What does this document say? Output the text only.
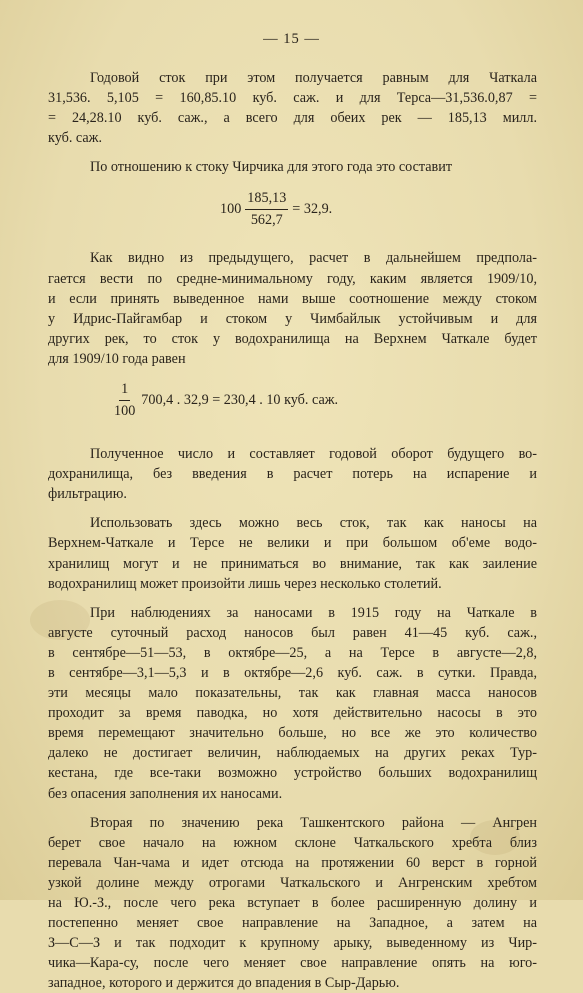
— 15 —

Годовой сток при этом получается равным для Чаткала
31,536. 5,105 = 160,85.10 куб. саж. и для Терса—31,536.0,87 =
= 24,28.10 куб. саж., а всего для обеих рек — 185,13 милл.
куб. саж.

По отношению к стоку Чирчика для этого года это составит

$100 \frac{185,13}{562,7} = 32,9$.

Как видно из предыдущего, расчет в дальнейшем предпола-
гается вести по средне-минимальному году, каким является 1909/10,
и если принять выведенное нами выше соотношение между стоком
у Идрис-Пайгамбар и стоком у Чимбайлык устойчивым и для
других рек, то сток у водохранилища на Верхнем Чаткале будет
для 1909/10 года равен

$\frac{1}{100} 700,4$ . 32,9 = 230,4 . 10 куб. саж.

Полученное число и составляет годовой оборот будущего во-
дохранилища, без введения в расчет потерь на испарение и
фильтрацию.

Использовать здесь можно весь сток, так как наносы на
Верхнем-Чаткале и Терсе не велики и при большом об'еме водо-
хранилищ могут и не приниматься во внимание, так как заиление
водохранилищ может произойти лишь через несколько столетий.

При наблюдениях за наносами в 1915 году на Чаткале в
августе суточный расход наносов был равен 41—45 куб. саж.,
в сентябре—51—53, в октябре—25, а на Терсе в августе—2,8,
в сентябре—3,1—5,3 и в октябре—2,6 куб. саж. в сутки. Правда,
эти месяцы мало показательны, так как главная масса наносов
проходит за время паводка, но хотя действительно насосы в это
время перемещают значительно больше, но все же это количество
далеко не достигает величин, наблюдаемых на других реках Тур-
кестана, где все-таки возможно устройство больших водохранилищ
без опасения заполнения их наносами.

Вторая по значению река Ташкентского района — Ангрен
берет свое начало на южном склоне Чаткальского хребта близ
перевала Чан-чама и идет отсюда на протяжении 60 верст в горной
узкой долине между отрогами Чаткальского и Ангренским хребтом
на Ю.-З., после чего река вступает в более расширенную долину и
постепенно меняет свое направление на Западное, а затем на
З—С—З и так подходит к крупному арыку, выведенному из Чир-
чика—Кара-су, после чего меняет свое направление опять на юго-
западное, которого и держится до впадения в Сыр-Дарью.
